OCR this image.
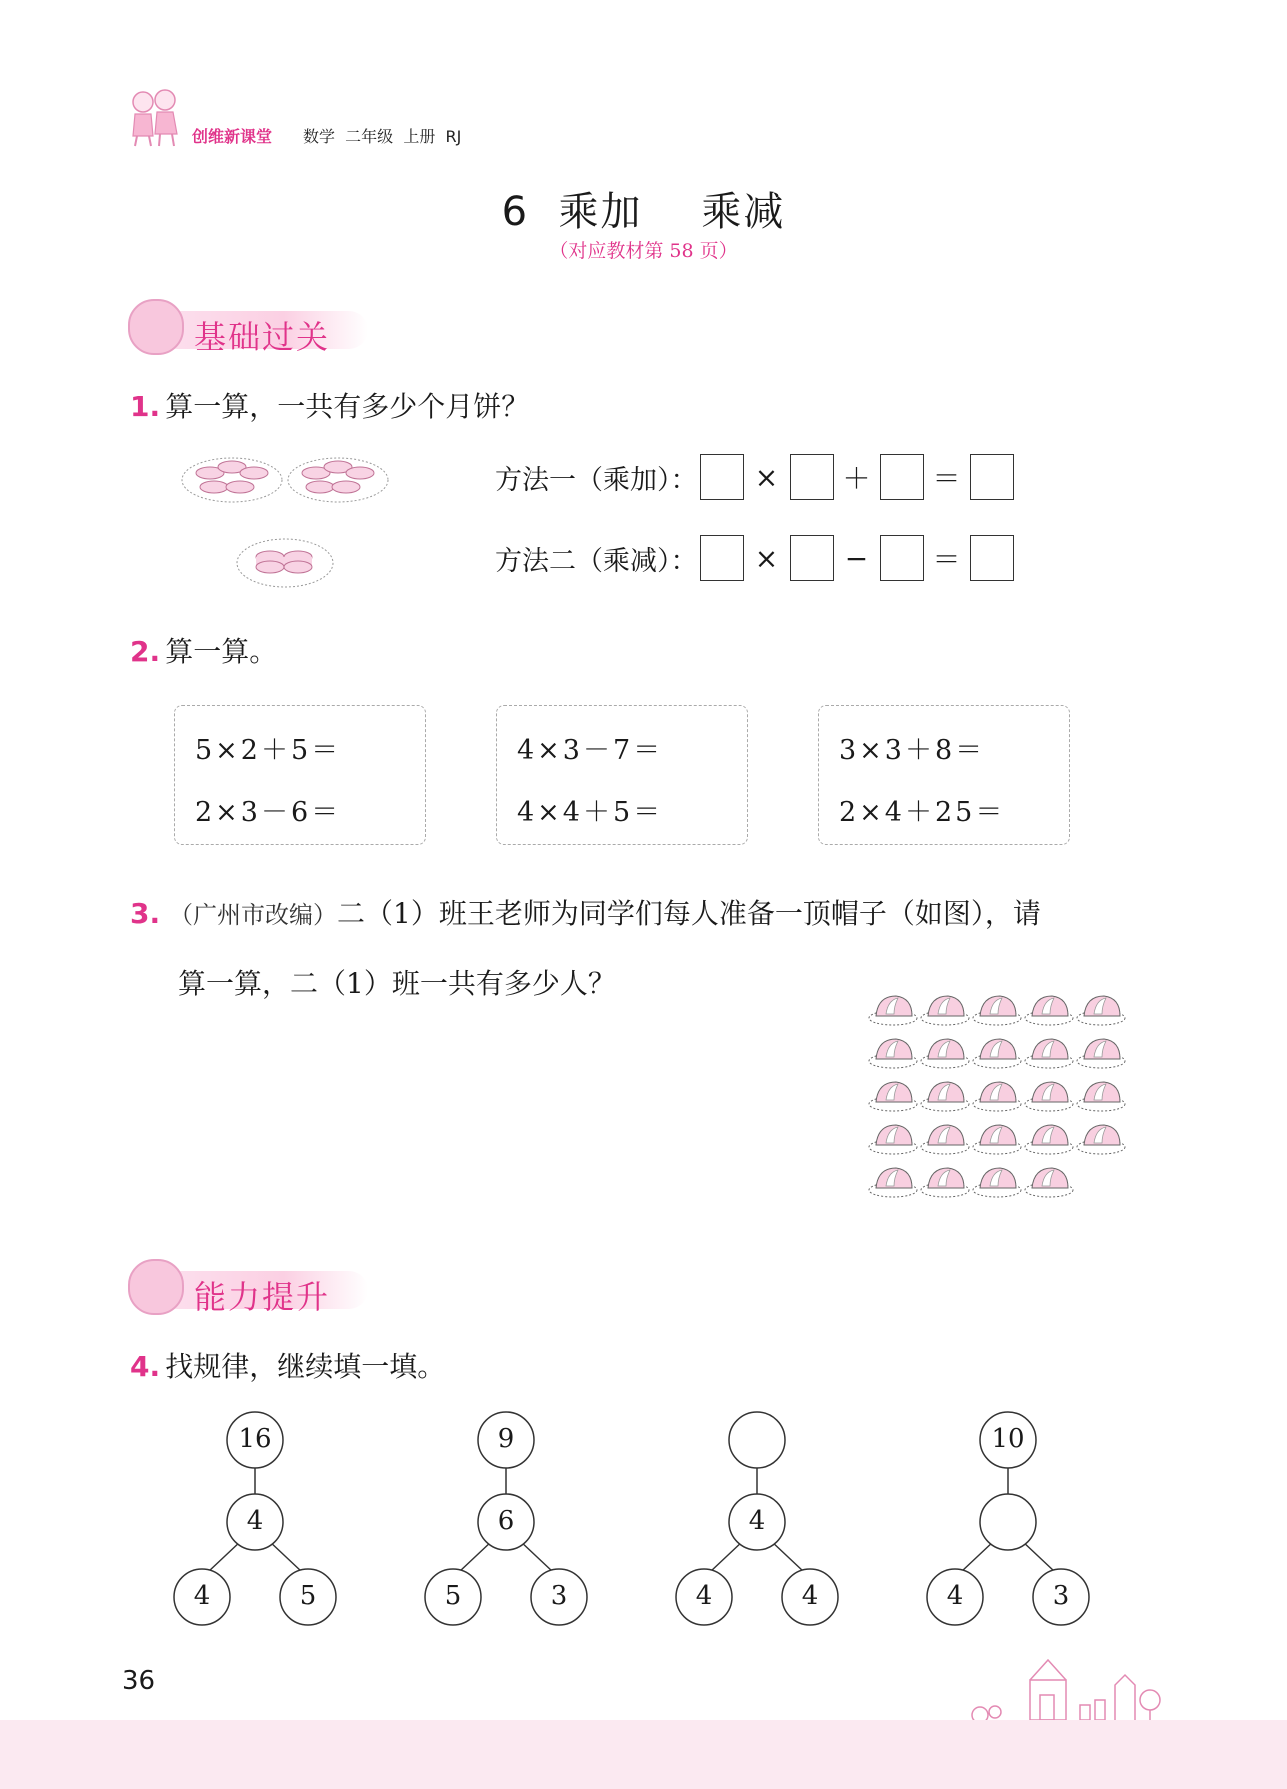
创维新课堂 数学  二年级  上册  RJ
6  乘加    乘减
（对应教材第 58 页）
基础过关
1. 算一算，一共有多少个月饼？
方法一（乘加）：	×	＋ ＝
方法二（乘减）：	×	−	＝
2. 算一算。
5×2＋5＝
2×3－6＝
4×3－7＝
4×4＋5＝
3×3＋8＝
2×4＋25＝
3. （广州市改编）二（1）班王老师为同学们每人准备一顶帽子（如图），请
算一算，二（1）班一共有多少人？
能力提升
4. 找规律，继续填一填。
16
4
4	5
9
6
5	3
4
4	4
10
4	3
36
